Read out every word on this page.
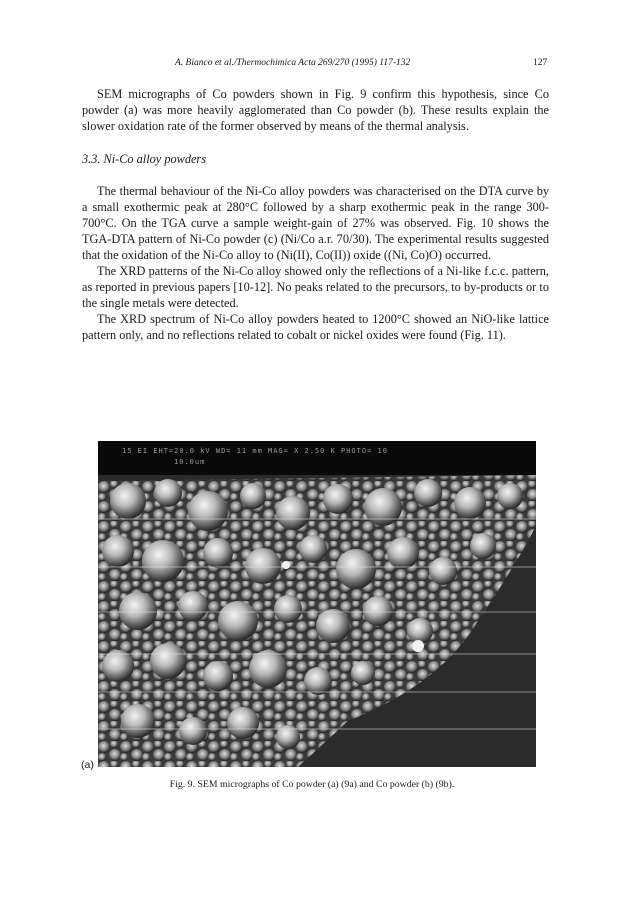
A. Bianco et al./Thermochimica Acta 269/270 (1995) 117-132	127

SEM micrographs of Co powders shown in Fig. 9 confirm this hypothesis, since Co powder (a) was more heavily agglomerated than Co powder (b). These results explain the slower oxidation rate of the former observed by means of the thermal analysis.

3.3. Ni-Co alloy powders

The thermal behaviour of the Ni-Co alloy powders was characterised on the DTA curve by a small exothermic peak at 280°C followed by a sharp exothermic peak in the range 300-700°C. On the TGA curve a sample weight-gain of 27% was observed. Fig. 10 shows the TGA-DTA pattern of Ni-Co powder (c) (Ni/Co a.r. 70/30). The experimental results suggested that the oxidation of the Ni-Co alloy to (Ni(II), Co(II)) oxide ((Ni, Co)O) occurred.

The XRD patterns of the Ni-Co alloy showed only the reflections of a Ni-like f.c.c. pattern, as reported in previous papers [10-12]. No peaks related to the precursors, to by-products or to the single metals were detected.

The XRD spectrum of Ni-Co alloy powders heated to 1200°C showed an NiO-like lattice pattern only, and no reflections related to cobalt or nickel oxides were found (Fig. 11).

15 EI EHT=20.0 kV WD= 11 mm MAG= X 2.50 K PHOTO= 10
10.0um
(a)
Fig. 9. SEM micrographs of Co powder (a) (9a) and Co powder (b) (9b).
